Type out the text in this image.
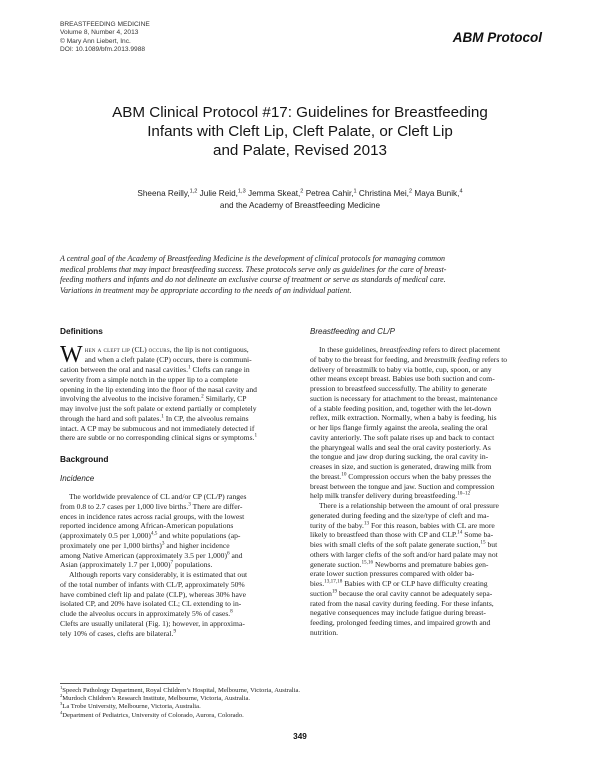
BREASTFEEDING MEDICINE
Volume 8, Number 4, 2013
© Mary Ann Liebert, Inc.
DOI: 10.1089/bfm.2013.9988
ABM Protocol
ABM Clinical Protocol #17: Guidelines for Breastfeeding
Infants with Cleft Lip, Cleft Palate, or Cleft Lip
and Palate, Revised 2013
Sheena Reilly,$^{1,2}$ Julie Reid,$^{1,3}$ Jemma Skeat,$^2$ Petrea Cahir,$^1$ Christina Mei,$^2$ Maya Bunik,$^4$
and the Academy of Breastfeeding Medicine
A central goal of the Academy of Breastfeeding Medicine is the development of clinical protocols for managing common
medical problems that may impact breastfeeding success. These protocols serve only as guidelines for the care of breast-
feeding mothers and infants and do not delineate an exclusive course of treatment or serve as standards of medical care.
Variations in treatment may be appropriate according to the needs of an individual patient.
Definitions
W hen a cleft lip (CL) occurs, the lip is not contiguous,
and when a cleft palate (CP) occurs, there is communi-
cation between the oral and nasal cavities.$^1$ Clefts can range in
severity from a simple notch in the upper lip to a complete
opening in the lip extending into the floor of the nasal cavity and
involving the alveolus to the incisive foramen.$^2$ Similarly, CP
may involve just the soft palate or extend partially or completely
through the hard and soft palates.$^1$ In CP, the alveolus remains
intact. A CP may be submucous and not immediately detected if
there are subtle or no corresponding clinical signs or symptoms.$^1$
Background
Incidence
The worldwide prevalence of CL and/or CP (CL/P) ranges
from 0.8 to 2.7 cases per 1,000 live births.$^3$ There are differ-
ences in incidence rates across racial groups, with the lowest
reported incidence among African-American populations
(approximately 0.5 per 1,000)$^{4,5}$ and white populations (ap-
proximately one per 1,000 births)$^3$ and higher incidence
among Native American (approximately 3.5 per 1,000)$^6$ and
Asian (approximately 1.7 per 1,000)$^7$ populations.
Although reports vary considerably, it is estimated that out
of the total number of infants with CL/P, approximately 50%
have combined cleft lip and palate (CLP), whereas 30% have
isolated CP, and 20% have isolated CL; CL extending to in-
clude the alveolus occurs in approximately 5% of cases.$^8$
Clefts are usually unilateral (Fig. 1); however, in approxima-
tely 10% of cases, clefts are bilateral.$^9$
Breastfeeding and CL/P
In these guidelines, breastfeeding refers to direct placement
of baby to the breast for feeding, and breastmilk feeding refers to
delivery of breastmilk to baby via bottle, cup, spoon, or any
other means except breast. Babies use both suction and com-
pression to breastfeed successfully. The ability to generate
suction is necessary for attachment to the breast, maintenance
of a stable feeding position, and, together with the let-down
reflex, milk extraction. Normally, when a baby is feeding, his
or her lips flange firmly against the areola, sealing the oral
cavity anteriorly. The soft palate rises up and back to contact
the pharyngeal walls and seal the oral cavity posteriorly. As
the tongue and jaw drop during sucking, the oral cavity in-
creases in size, and suction is generated, drawing milk from
the breast.$^{10}$ Compression occurs when the baby presses the
breast between the tongue and jaw. Suction and compression
help milk transfer delivery during breastfeeding.$^{10-12}$
There is a relationship between the amount of oral pressure
generated during feeding and the size/type of cleft and ma-
turity of the baby.$^{13}$ For this reason, babies with CL are more
likely to breastfeed than those with CP and CLP.$^{14}$ Some ba-
bies with small clefts of the soft palate generate suction,$^{15}$ but
others with larger clefts of the soft and/or hard palate may not
generate suction.$^{15,16}$ Newborns and premature babies gen-
erate lower suction pressures compared with older ba-
bies.$^{13,17,18}$ Babies with CP or CLP have difficulty creating
suction$^{19}$ because the oral cavity cannot be adequately sepa-
rated from the nasal cavity during feeding. For these infants,
negative consequences may include fatigue during breast-
feeding, prolonged feeding times, and impaired growth and
nutrition.
$^1$Speech Pathology Department, Royal Children’s Hospital, Melbourne, Victoria, Australia.
$^2$Murdoch Children’s Research Institute, Melbourne, Victoria, Australia.
$^3$La Trobe University, Melbourne, Victoria, Australia.
$^4$Department of Pediatrics, University of Colorado, Aurora, Colorado.
349
